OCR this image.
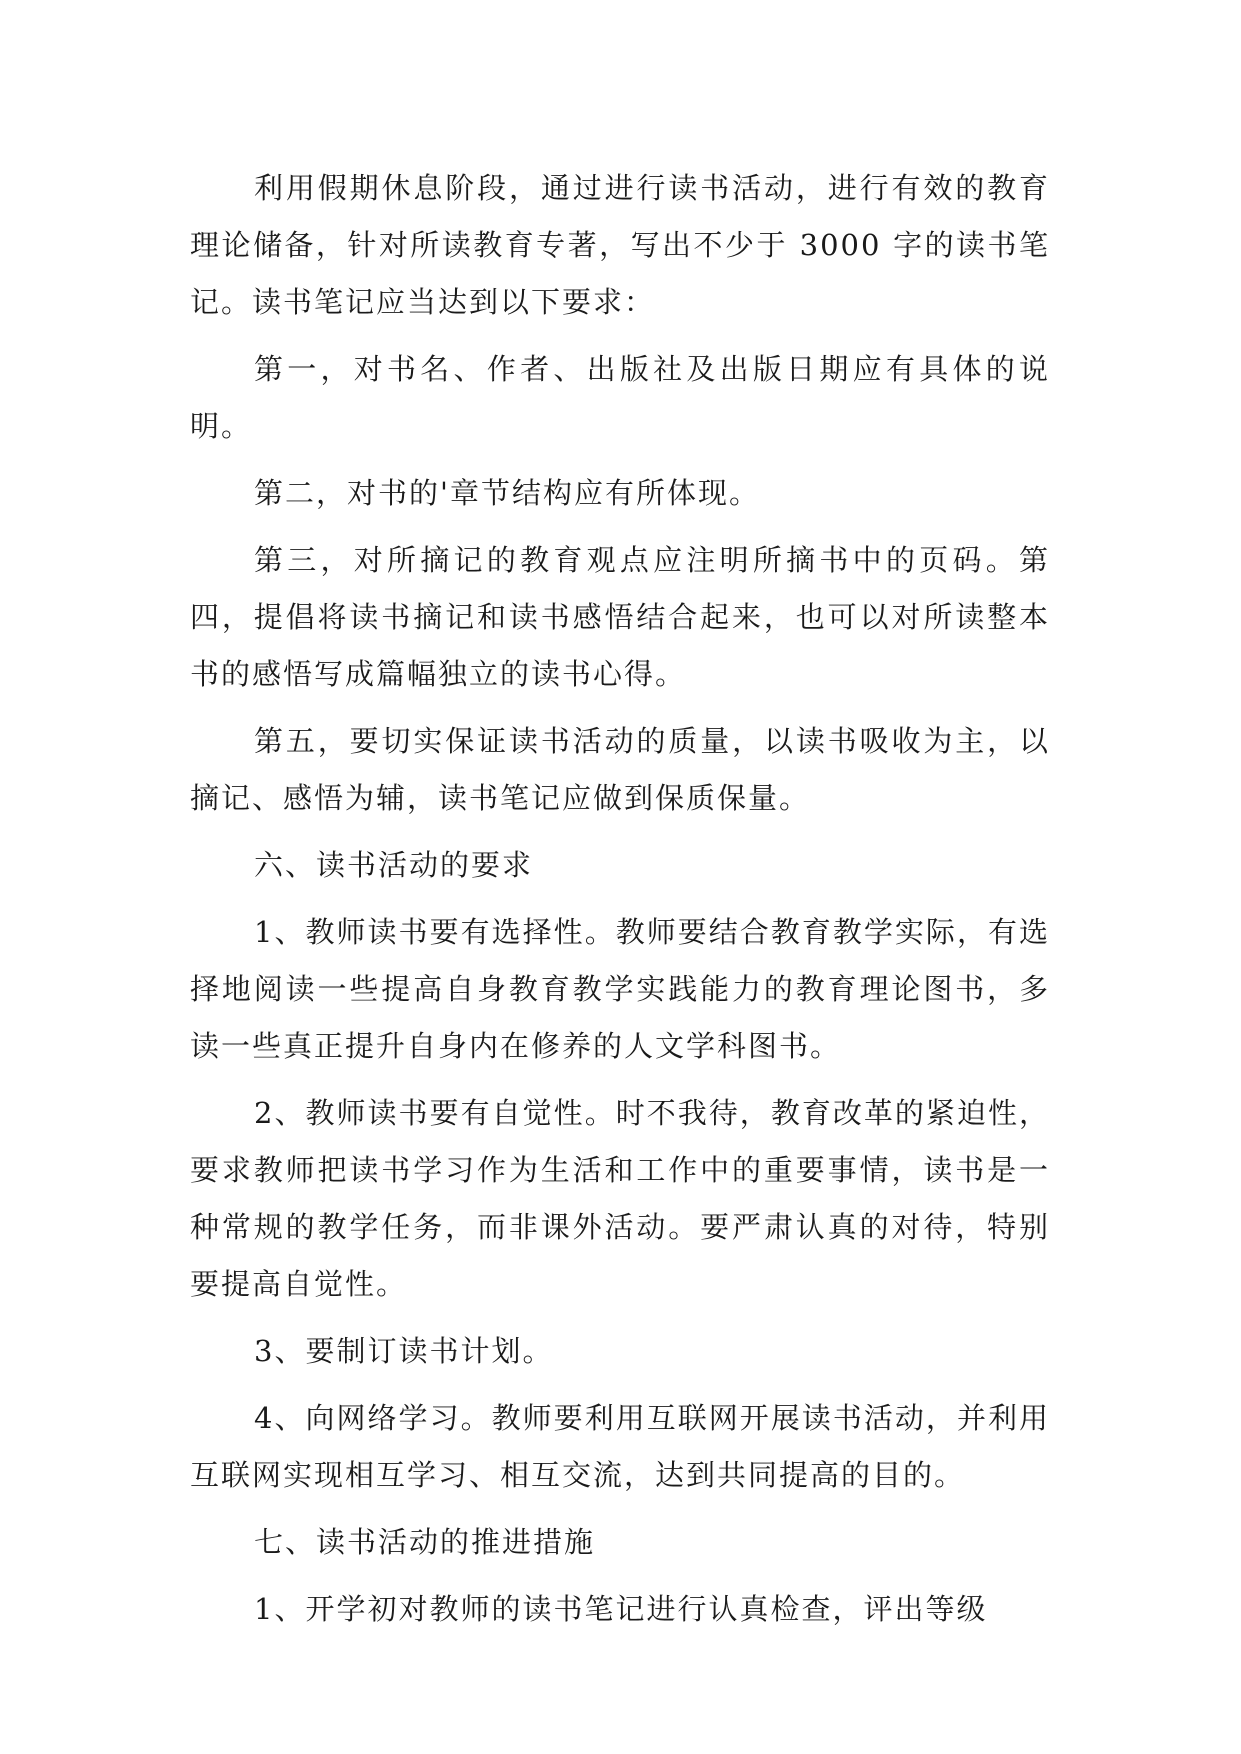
利用假期休息阶段，通过进行读书活动，进行有效的教育理论储备，针对所读教育专著，写出不少于 3000 字的读书笔记。读书笔记应当达到以下要求：

第一，对书名、作者、出版社及出版日期应有具体的说明。

第二，对书的'章节结构应有所体现。

第三，对所摘记的教育观点应注明所摘书中的页码。第四，提倡将读书摘记和读书感悟结合起来，也可以对所读整本书的感悟写成篇幅独立的读书心得。

第五，要切实保证读书活动的质量，以读书吸收为主，以摘记、感悟为辅，读书笔记应做到保质保量。

六、读书活动的要求

1、教师读书要有选择性。教师要结合教育教学实际，有选择地阅读一些提高自身教育教学实践能力的教育理论图书，多读一些真正提升自身内在修养的人文学科图书。

2、教师读书要有自觉性。时不我待，教育改革的紧迫性，要求教师把读书学习作为生活和工作中的重要事情，读书是一种常规的教学任务，而非课外活动。要严肃认真的对待，特别要提高自觉性。

3、要制订读书计划。

4、向网络学习。教师要利用互联网开展读书活动，并利用互联网实现相互学习、相互交流，达到共同提高的目的。

七、读书活动的推进措施

1、开学初对教师的读书笔记进行认真检查，评出等级
